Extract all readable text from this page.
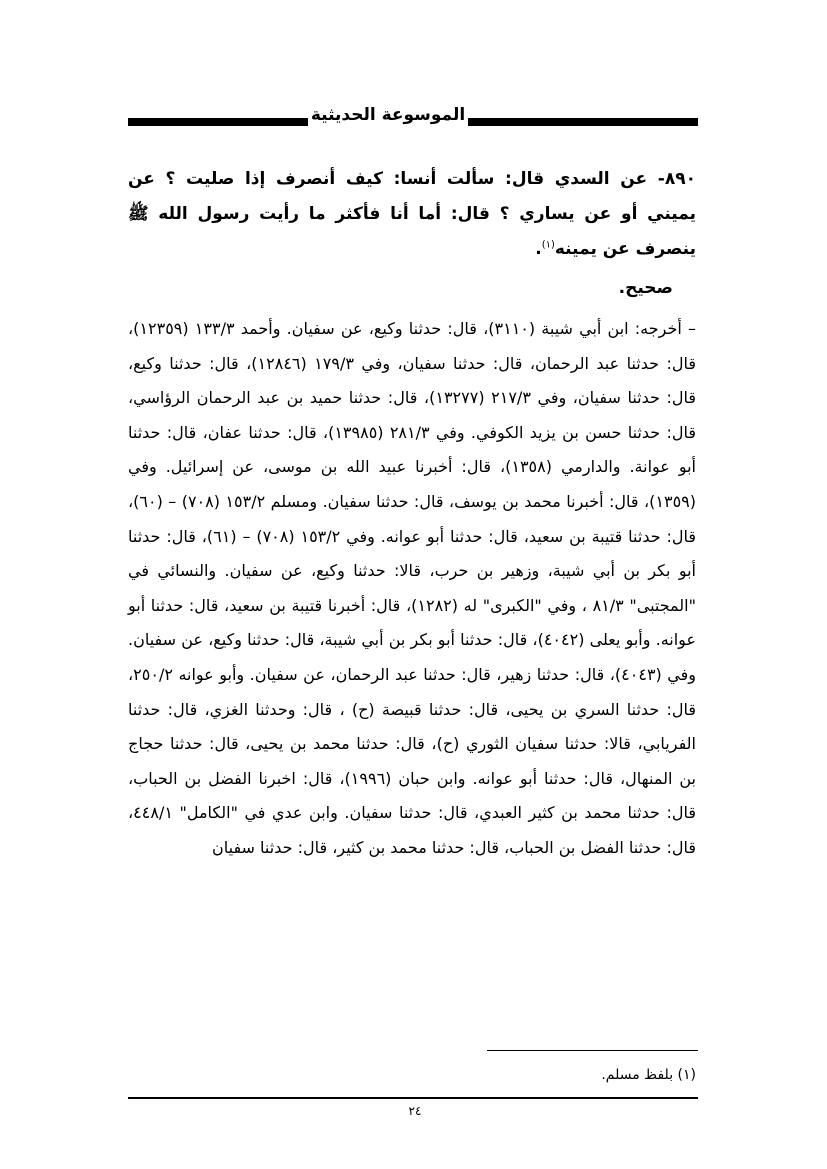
الموسوعة الحديثية
٨٩٠- عن السدي قال: سألت أنسا: كيف أنصرف إذا صليت ؟ عن يميني أو عن يساري ؟ قال: أما أنا فأكثر ما رأيت رسول الله ﷺ ينصرف عن يمينه$^{(١)}$.
صحيح.

– أخرجه: ابن أبي شيبة (٣١١٠)، قال: حدثنا وكيع، عن سفيان. وأحمد ١٣٣/٣ (١٢٣٥٩)، قال: حدثنا عبد الرحمان، قال: حدثنا سفيان، وفي ١٧٩/٣ (١٢٨٤٦)، قال: حدثنا وكيع، قال: حدثنا سفيان، وفي ٢١٧/٣ (١٣٢٧٧)، قال: حدثنا حميد بن عبد الرحمان الرؤاسي، قال: حدثنا حسن بن يزيد الكوفي. وفي ٢٨١/٣ (١٣٩٨٥)، قال: حدثنا عفان، قال: حدثنا أبو عوانة. والدارمي (١٣٥٨)، قال: أخبرنا عبيد الله بن موسى، عن إسرائيل. وفي (١٣٥٩)، قال: أخبرنا محمد بن يوسف، قال: حدثنا سفيان. ومسلم ١٥٣/٢ (٧٠٨) – (٦٠)، قال: حدثنا قتيبة بن سعيد، قال: حدثنا أبو عوانه. وفي ١٥٣/٢ (٧٠٨) – (٦١)، قال: حدثنا أبو بكر بن أبي شيبة، وزهير بن حرب، قالا: حدثنا وكيع، عن سفيان. والنسائي في "المجتبى" ٨١/٣ ، وفي "الكبرى" له (١٢٨٢)، قال: أخبرنا قتيبة بن سعيد، قال: حدثنا أبو عوانه. وأبو يعلى (٤٠٤٢)، قال: حدثنا أبو بكر بن أبي شيبة، قال: حدثنا وكيع، عن سفيان. وفي (٤٠٤٣)، قال: حدثنا زهير، قال: حدثنا عبد الرحمان، عن سفيان. وأبو عوانه ٢٥٠/٢، قال: حدثنا السري بن يحيى، قال: حدثنا قبيصة (ح) ، قال: وحدثنا الغزي، قال: حدثنا الفريابي، قالا: حدثنا سفيان الثوري (ح)، قال: حدثنا محمد بن يحيى، قال: حدثنا حجاج بن المنهال، قال: حدثنا أبو عوانه. وابن حبان (١٩٩٦)، قال: اخبرنا الفضل بن الحباب، قال: حدثنا محمد بن كثير العبدي، قال: حدثنا سفيان. وابن عدي في "الكامل" ٤٤٨/١، قال: حدثنا الفضل بن الحباب، قال: حدثنا محمد بن كثير، قال: حدثنا سفيان

(١) بلفظ مسلم.
٢٤
